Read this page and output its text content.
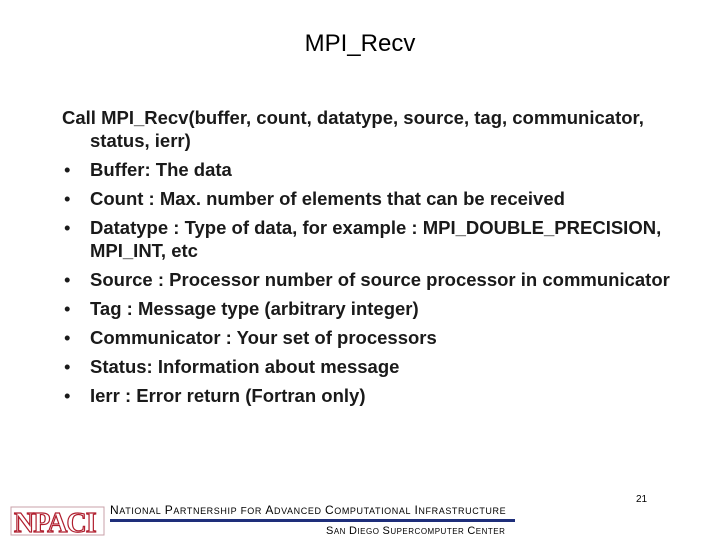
MPI_Recv
Call MPI_Recv(buffer, count, datatype, source, tag, communicator, status, ierr)
• Buffer: The data
• Count : Max. number of elements that can be received
• Datatype : Type of data, for example : MPI_DOUBLE_PRECISION, MPI_INT, etc
• Source : Processor number of source processor in communicator
• Tag : Message type (arbitrary integer)
• Communicator : Your set of processors
• Status: Information about message
• Ierr : Error return (Fortran only)
NPACI NATIONAL PARTNERSHIP FOR ADVANCED COMPUTATIONAL INFRASTRUCTURE
SAN DIEGO SUPERCOMPUTER CENTER
21
